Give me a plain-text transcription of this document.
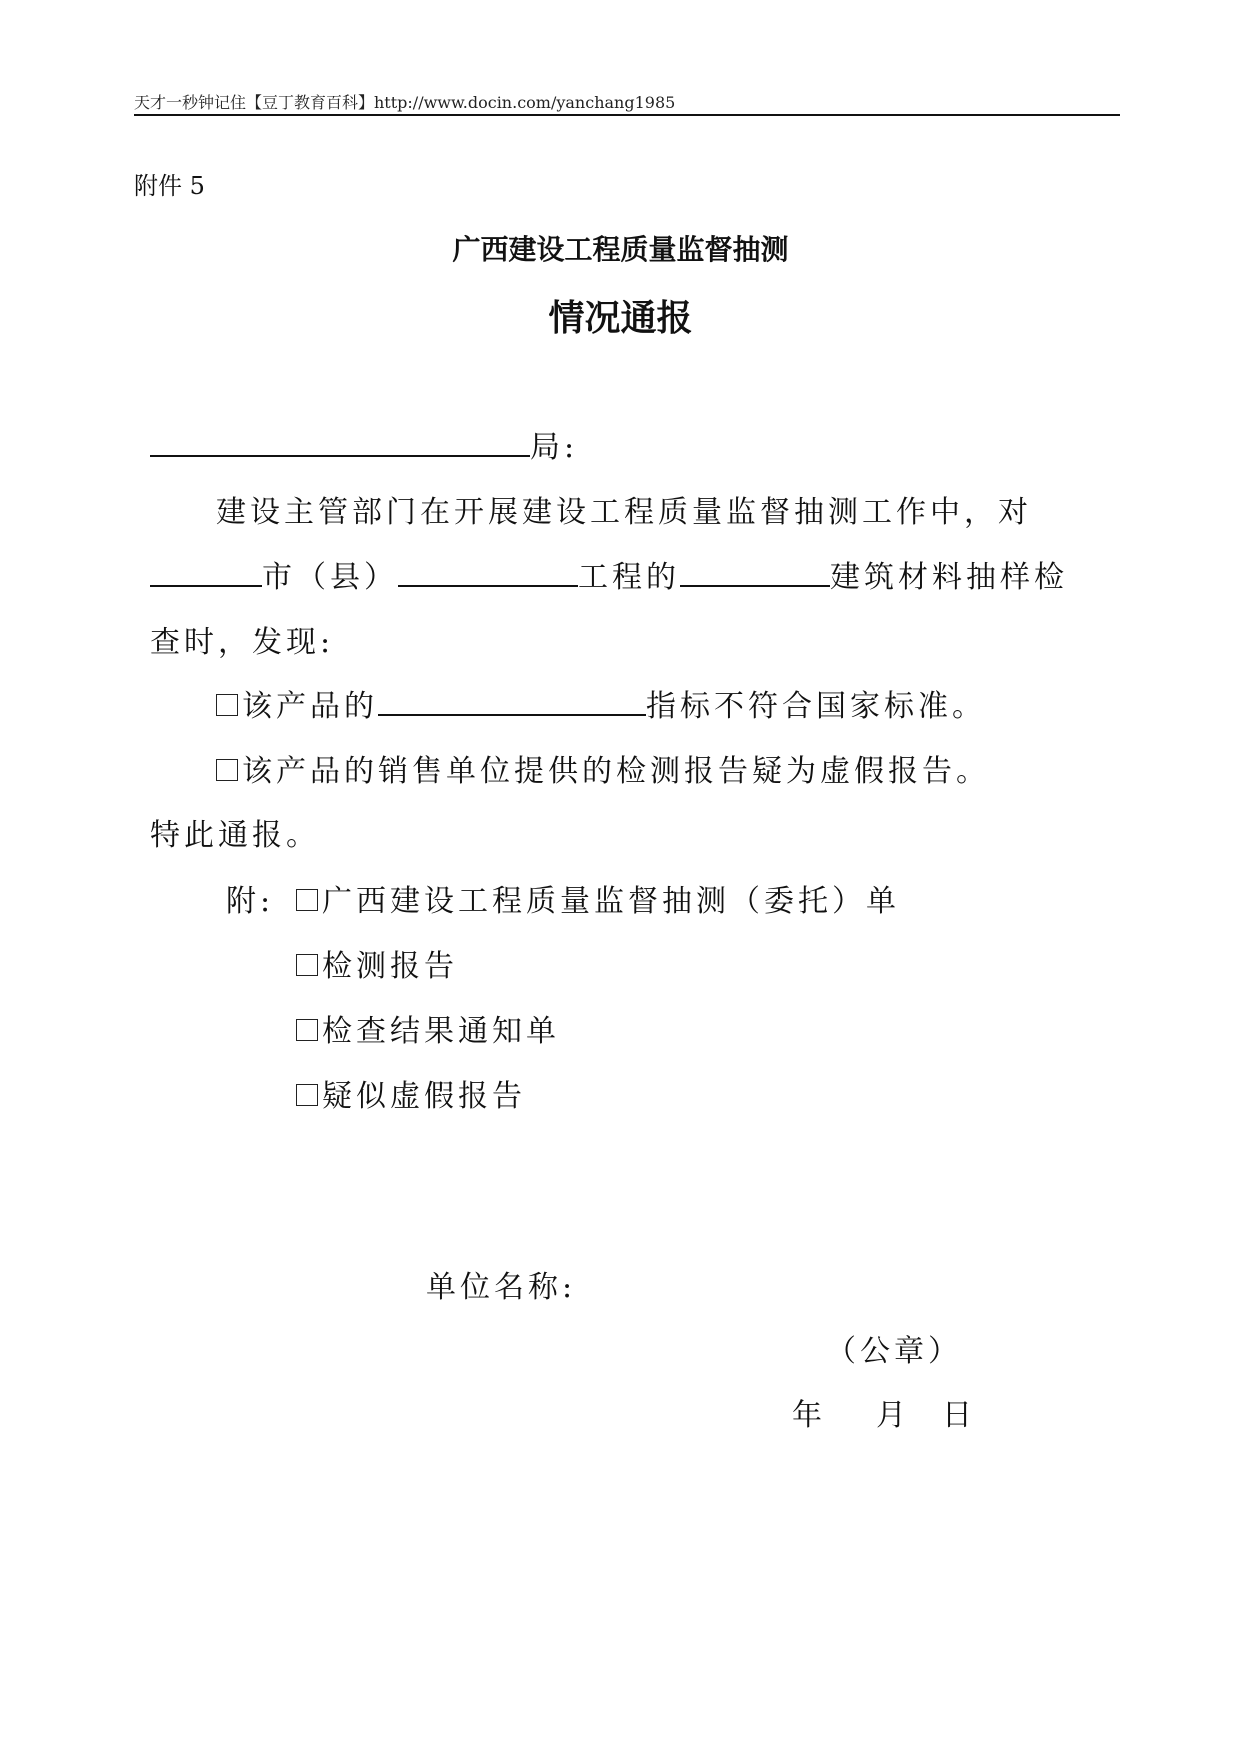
天才一秒钟记住【豆丁教育百科】http://www.docin.com/yanchang1985
附件 5
广西建设工程质量监督抽测
情况通报
局:
建设主管部门在开展建设工程质量监督抽测工作中，对
市（县）	工程的	建筑材料抽样检
查时，发现:
该产品的	指标不符合国家标准。
该产品的销售单位提供的检测报告疑为虚假报告。
特此通报。
附:	广西建设工程质量监督抽测（委托）单
检测报告
检查结果通知单
疑似虚假报告
单位名称:
（公章）
年 月 日
